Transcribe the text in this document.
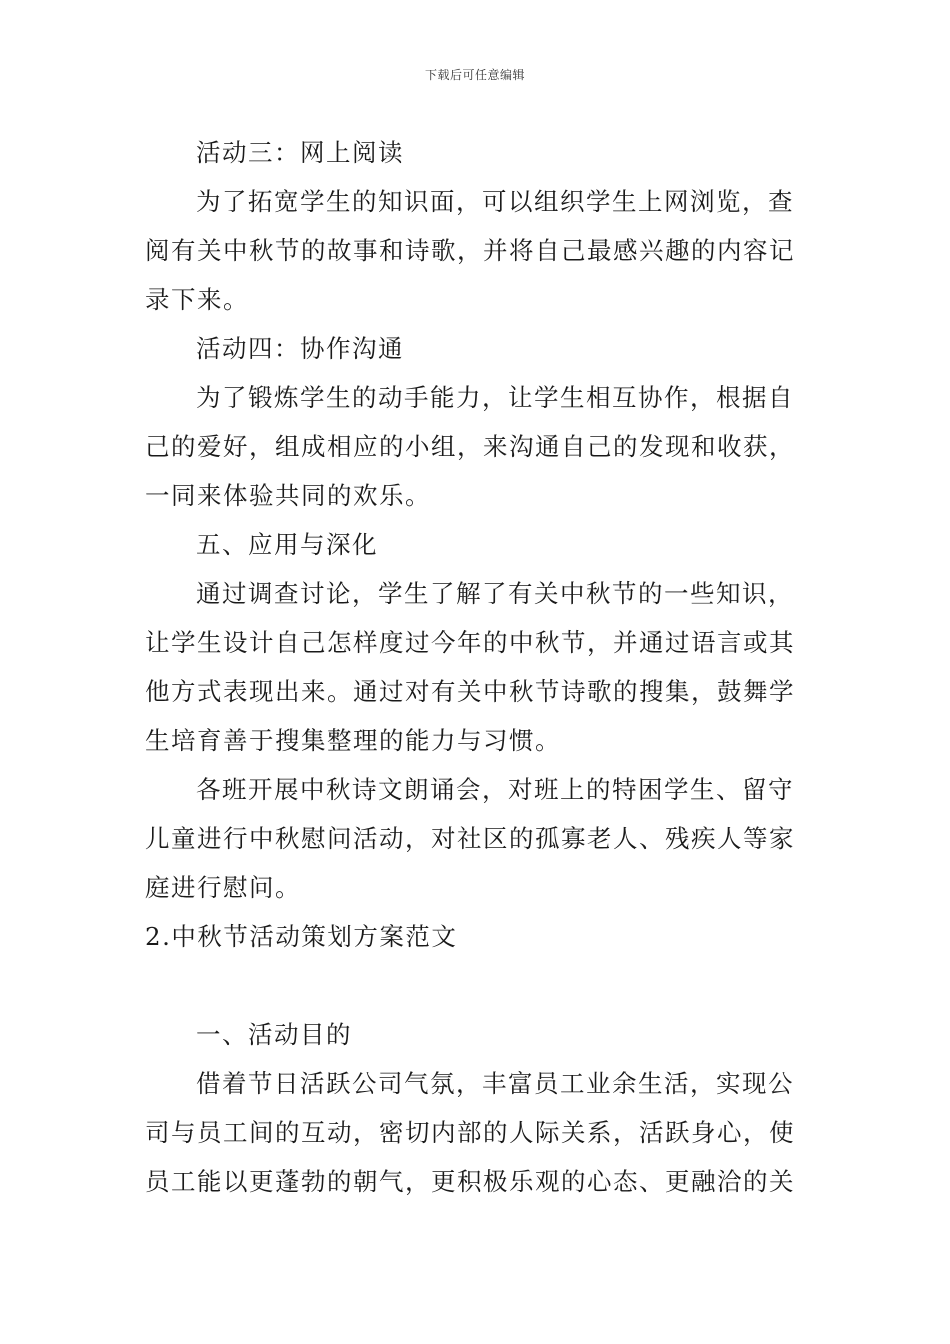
下载后可任意编辑
活动三：网上阅读
为了拓宽学生的知识面，可以组织学生上网浏览，查
阅有关中秋节的故事和诗歌，并将自己最感兴趣的内容记
录下来。
活动四：协作沟通
为了锻炼学生的动手能力，让学生相互协作，根据自
己的爱好，组成相应的小组，来沟通自己的发现和收获，
一同来体验共同的欢乐。
五、应用与深化
通过调查讨论，学生了解了有关中秋节的一些知识，
让学生设计自己怎样度过今年的中秋节，并通过语言或其
他方式表现出来。通过对有关中秋节诗歌的搜集，鼓舞学
生培育善于搜集整理的能力与习惯。
各班开展中秋诗文朗诵会，对班上的特困学生、留守
儿童进行中秋慰问活动，对社区的孤寡老人、残疾人等家
庭进行慰问。
2.中秋节活动策划方案范文
一、活动目的
借着节日活跃公司气氛，丰富员工业余生活，实现公
司与员工间的互动，密切内部的人际关系，活跃身心，使
员工能以更蓬勃的朝气，更积极乐观的心态、更融洽的关
